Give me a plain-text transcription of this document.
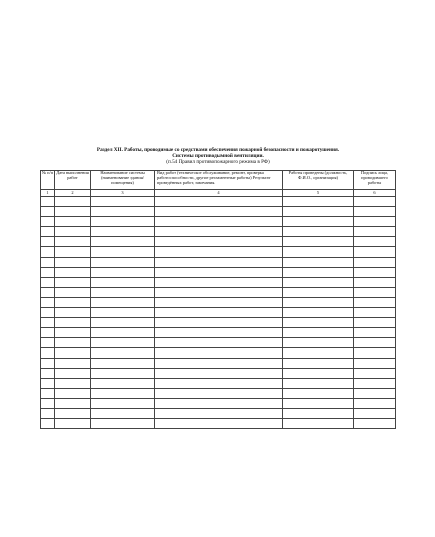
Раздел XII. Работы, проводимые со средствами обеспечения пожарной безопасности и пожаротушения.
Системы противодымной вентиляции.
(п.54 Правил противопожарного режима в РФ)
№ п/п	Дата выполнения работ	Наименование системы (наименование здания/ помещения)	Вид работ (техническое обслуживание, ремонт, проверка работоспособности, другие регламентные работы) Результат проведённых работ, замечания.	Работы проведены (должность, Ф.И.О., организация)	Подпись лица, проводившего работы
1	2	3	4	5	6
